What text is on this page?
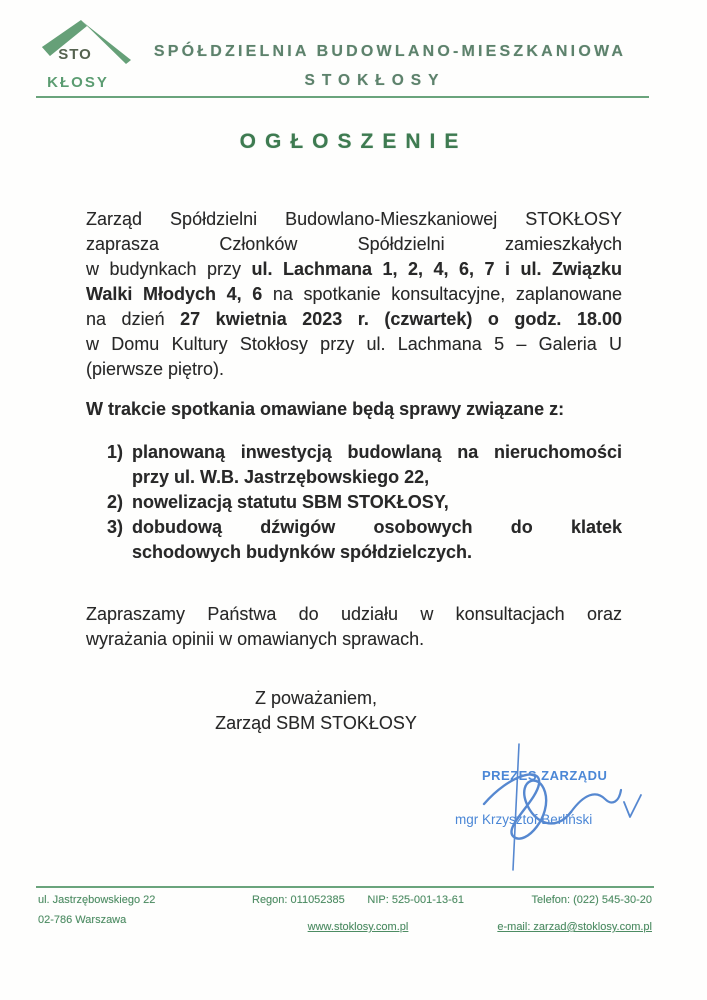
STO
KŁOSY
SPÓŁDZIELNIA BUDOWLANO-MIESZKANIOWA
STOKŁOSY
OGŁOSZENIE
Zarząd Spółdzielni Budowlano-Mieszkaniowej STOKŁOSY
zaprasza Członków Spółdzielni zamieszkałych
w budynkach przy ul. Lachmana 1, 2, 4, 6, 7 i ul. Związku
Walki Młodych 4, 6 na spotkanie konsultacyjne, zaplanowane
na dzień 27 kwietnia 2023 r. (czwartek) o godz. 18.00
w Domu Kultury Stokłosy przy ul. Lachmana 5 – Galeria U
(pierwsze piętro).
W trakcie spotkania omawiane będą sprawy związane z:
1) planowaną inwestycją budowlaną na nieruchomości
przy ul. W.B. Jastrzębowskiego 22,
2) nowelizacją statutu SBM STOKŁOSY,
3) dobudową dźwigów osobowych do klatek
schodowych budynków spółdzielczych.
Zapraszamy Państwa do udziału w konsultacjach oraz
wyrażania opinii w omawianych sprawach.
Z poważaniem,
Zarząd SBM STOKŁOSY
PREZES ZARZĄDU
mgr Krzysztof Berliński
ul. Jastrzębowskiego 22
02-786 Warszawa
Regon: 011052385 NIP: 525-001-13-61
www.stoklosy.com.pl
Telefon: (022) 545-30-20
e-mail: zarzad@stoklosy.com.pl
